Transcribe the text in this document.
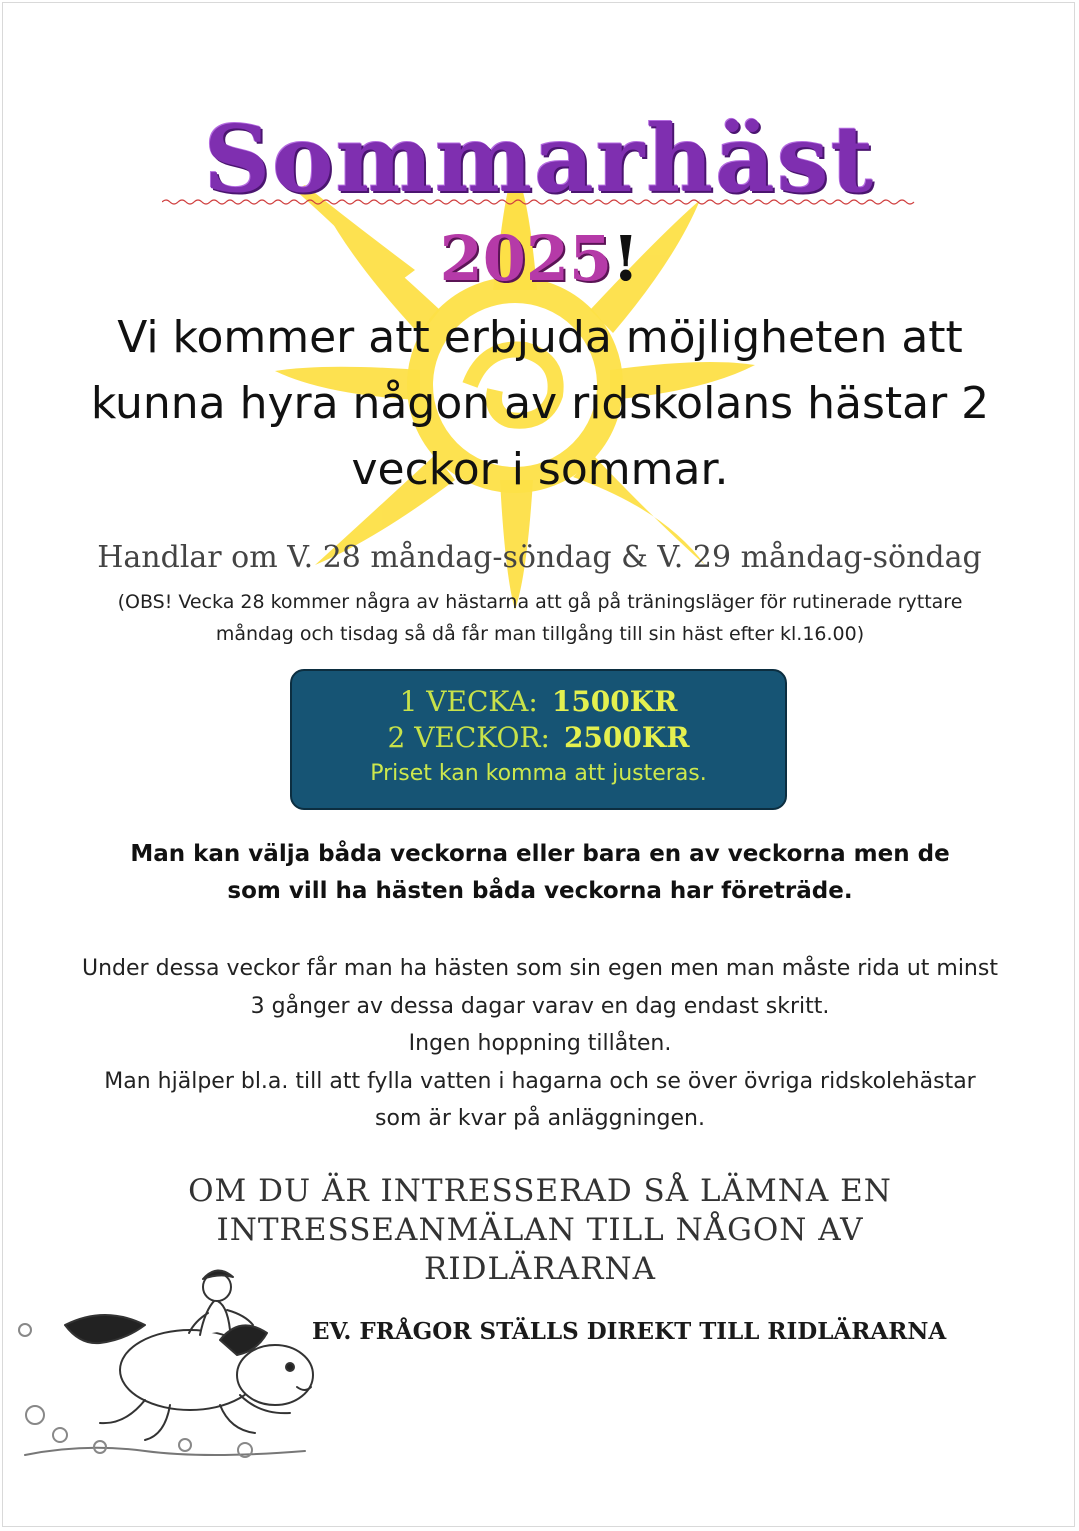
Sommarhäst
2025!
Vi kommer att erbjuda möjligheten att kunna hyra någon av ridskolans hästar 2 veckor i sommar.
Handlar om V. 28 måndag-söndag & V. 29 måndag-söndag
(OBS! Vecka 28 kommer några av hästarna att gå på träningsläger för rutinerade ryttare måndag och tisdag så då får man tillgång till sin häst efter kl.16.00)
1 VECKA: 1500KR
2 VECKOR: 2500KR
Priset kan komma att justeras.
Man kan välja båda veckorna eller bara en av veckorna men de som vill ha hästen båda veckorna har företräde.
Under dessa veckor får man ha hästen som sin egen men man måste rida ut minst 3 gånger av dessa dagar varav en dag endast skritt.
Ingen hoppning tillåten.
Man hjälper bl.a. till att fylla vatten i hagarna och se över övriga ridskolehästar som är kvar på anläggningen.
OM DU ÄR INTRESSERAD SÅ LÄMNA EN INTRESSEANMÄLAN TILL NÅGON AV RIDLÄRARNA
EV. FRÅGOR STÄLLS DIREKT TILL RIDLÄRARNA
